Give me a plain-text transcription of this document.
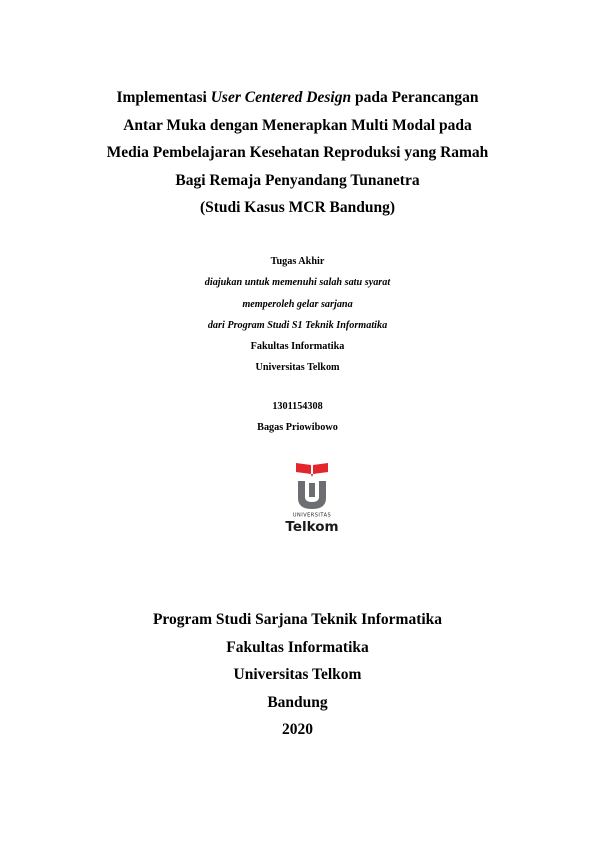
Implementasi User Centered Design pada Perancangan
Antar Muka dengan Menerapkan Multi Modal pada
Media Pembelajaran Kesehatan Reproduksi yang Ramah
Bagi Remaja Penyandang Tunanetra
(Studi Kasus MCR Bandung)
Tugas Akhir
diajukan untuk memenuhi salah satu syarat
memperoleh gelar sarjana
dari Program Studi S1 Teknik Informatika
Fakultas Informatika
Universitas Telkom
1301154308
Bagas Priowibowo
UNIVERSITAS
Telkom
Program Studi Sarjana Teknik Informatika
Fakultas Informatika
Universitas Telkom
Bandung
2020
